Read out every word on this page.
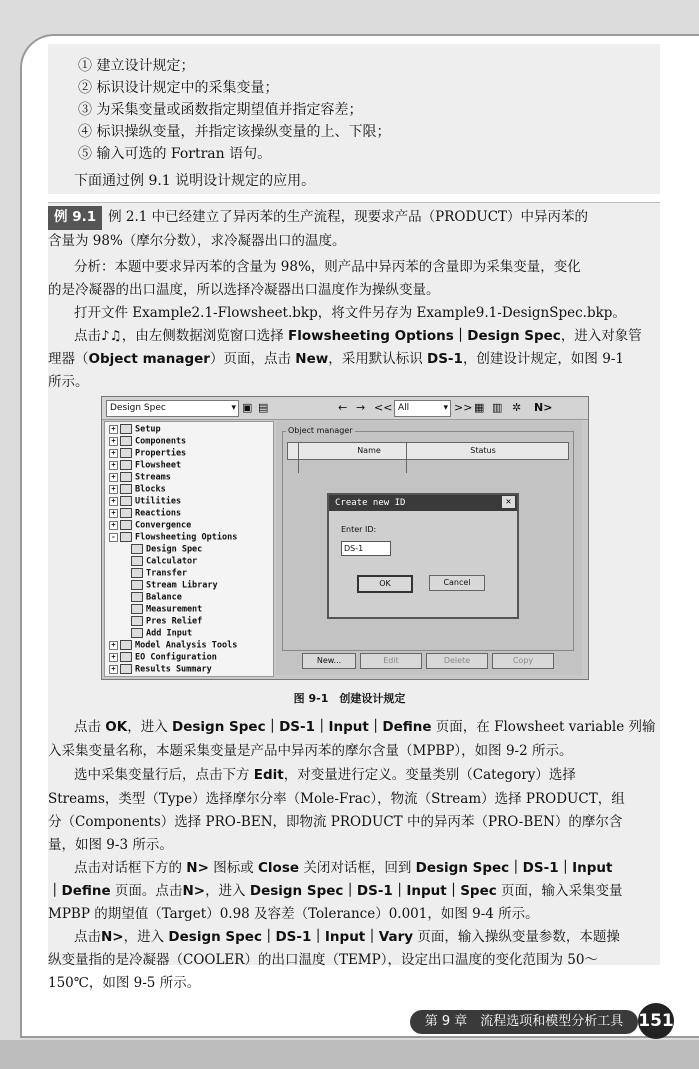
① 建立设计规定；
② 标识设计规定中的采集变量；
③ 为采集变量或函数指定期望值并指定容差；
④ 标识操纵变量，并指定该操纵变量的上、下限；
⑤ 输入可选的 Fortran 语句。
下面通过例 9.1 说明设计规定的应用。
例 9.1 例 2.1 中已经建立了异丙苯的生产流程，现要求产品（PRODUCT）中异丙苯的
含量为 98%（摩尔分数），求冷凝器出口的温度。
分析：本题中要求异丙苯的含量为 98%，则产品中异丙苯的含量即为采集变量，变化
的是冷凝器的出口温度，所以选择冷凝器出口温度作为操纵变量。
打开文件 Example2.1-Flowsheet.bkp，将文件另存为 Example9.1-DesignSpec.bkp。
点击♪♫，由左侧数据浏览窗口选择 Flowsheeting Options｜Design Spec，进入对象管
理器（Object manager）页面，点击 New，采用默认标识 DS-1，创建设计规定，如图 9-1
所示。
Design Spec	▾ ▣ ▤	← → << All	▾ >> ▦ ▥ ✲ N>
+ Setup
+ Components
+ Properties
+ Flowsheet
+ Streams
+ Blocks
+ Utilities
+ Reactions
+ Convergence
- Flowsheeting Options
Design Spec
Calculator
Transfer
Stream Library
Balance
Measurement
Pres Relief
Add Input
+ Model Analysis Tools
+ EO Configuration
+ Results Summary
Name	Status
Object manager
New...	Edit	Delete	Copy
Create new ID	✕
Enter ID:
DS-1
OK	Cancel
图 9-1　创建设计规定
点击 OK，进入 Design Spec｜DS-1｜Input｜Define 页面，在 Flowsheet variable 列输
入采集变量名称，本题采集变量是产品中异丙苯的摩尔含量（MPBP），如图 9-2 所示。
选中采集变量行后，点击下方 Edit，对变量进行定义。变量类别（Category）选择
Streams，类型（Type）选择摩尔分率（Mole-Frac），物流（Stream）选择 PRODUCT，组
分（Components）选择 PRO-BEN，即物流 PRODUCT 中的异丙苯（PRO-BEN）的摩尔含
量，如图 9-3 所示。
点击对话框下方的 N> 图标或 Close 关闭对话框，回到 Design Spec｜DS-1｜Input
｜Define 页面。点击N>，进入 Design Spec｜DS-1｜Input｜Spec 页面，输入采集变量
MPBP 的期望值（Target）0.98 及容差（Tolerance）0.001，如图 9-4 所示。
点击N>，进入 Design Spec｜DS-1｜Input｜Vary 页面，输入操纵变量参数，本题操
纵变量指的是冷凝器（COOLER）的出口温度（TEMP），设定出口温度的变化范围为 50～
150℃，如图 9-5 所示。
第 9 章　流程选项和模型分析工具 151
